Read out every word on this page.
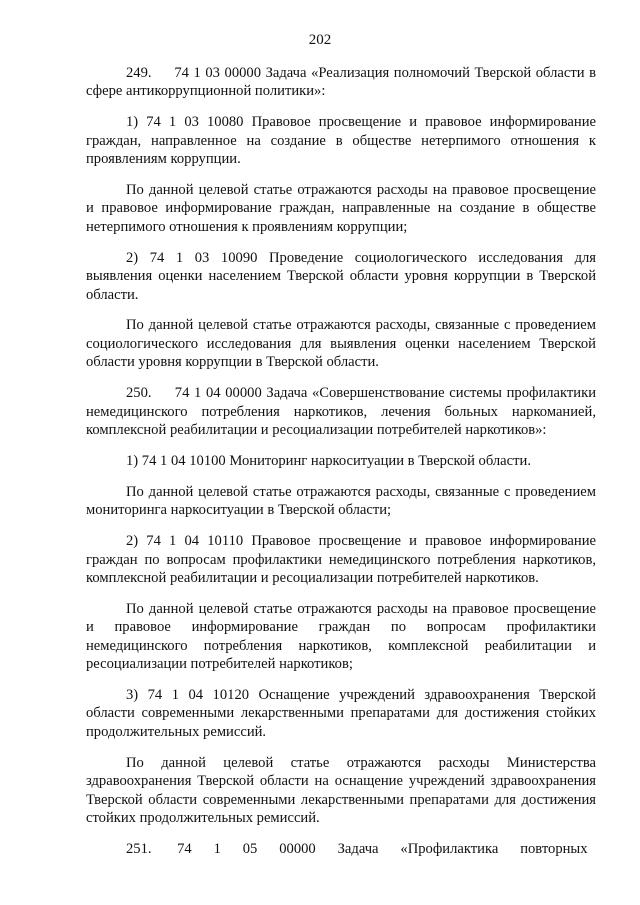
202

249.     74 1 03 00000 Задача «Реализация полномочий Тверской области в сфере антикоррупционной политики»:

1) 74 1 03 10080 Правовое просвещение и правовое информирование граждан, направленное на создание в обществе нетерпимого отношения к проявлениям коррупции.

По данной целевой статье отражаются расходы на правовое просвещение и правовое информирование граждан, направленные на создание в обществе нетерпимого отношения к проявлениям коррупции;

2) 74 1 03 10090 Проведение социологического исследования для выявления оценки населением Тверской области уровня коррупции в Тверской области.

По данной целевой статье отражаются расходы, связанные с проведением социологического исследования для выявления оценки населением Тверской области уровня коррупции в Тверской области.

250.     74 1 04 00000 Задача «Совершенствование системы профилактики немедицинского потребления наркотиков, лечения больных наркоманией, комплексной реабилитации и ресоциализации потребителей наркотиков»:

1) 74 1 04 10100 Мониторинг наркоситуации в Тверской области.

По данной целевой статье отражаются расходы, связанные с проведением мониторинга наркоситуации в Тверской области;

2) 74 1 04 10110 Правовое просвещение и правовое информирование граждан по вопросам профилактики немедицинского потребления наркотиков, комплексной реабилитации и ресоциализации потребителей наркотиков.

По данной целевой статье отражаются расходы на правовое просвещение и правовое информирование граждан по вопросам профилактики немедицинского потребления наркотиков, комплексной реабилитации и ресоциализации потребителей наркотиков;

3) 74 1 04 10120 Оснащение учреждений здравоохранения Тверской области современными лекарственными препаратами для достижения стойких продолжительных ремиссий.

По данной целевой статье отражаются расходы Министерства здравоохранения Тверской области на оснащение учреждений здравоохранения Тверской области современными лекарственными препаратами для достижения стойких продолжительных ремиссий.

251.       74      1      05      00000      Задача      «Профилактика      повторных
